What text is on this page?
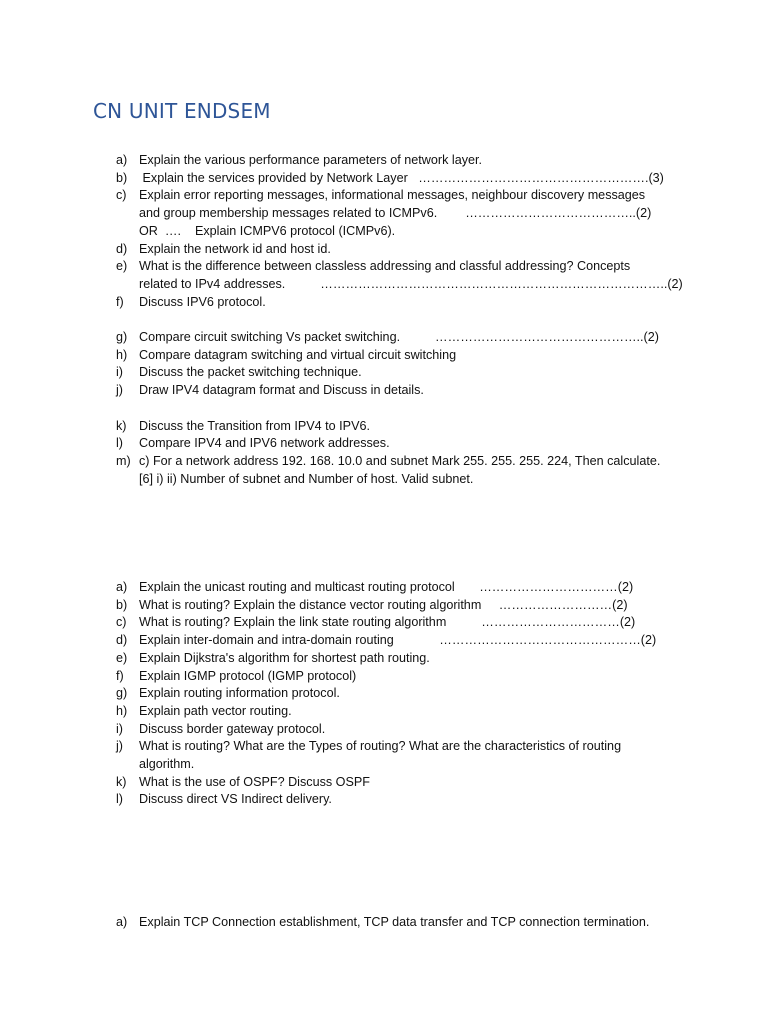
CN UNIT ENDSEM
a) Explain the various performance parameters of network layer.
b) Explain the services provided by Network Layer   ……………………………………………….(3)
c) Explain error reporting messages, informational messages, neighbour discovery messages
and group membership messages related to ICMPv6.        …………………………………..(2)
OR  ….    Explain ICMPV6 protocol (ICMPv6).
d) Explain the network id and host id.
e) What is the difference between classless addressing and classful addressing? Concepts
related to IPv4 addresses.          ………………………………………………………………………..(2)
f)	Discuss IPV6 protocol.
g) Compare circuit switching Vs packet switching.          …………………………………………..(2)
h) Compare datagram switching and virtual circuit switching
i)	Discuss the packet switching technique.
j)	Draw IPV4 datagram format and Discuss in details.
k) Discuss the Transition from IPV4 to IPV6.
l)	Compare IPV4 and IPV6 network addresses.
m) c) For a network address 192. 168. 10.0 and subnet Mark 255. 255. 255. 224, Then calculate.
[6] i) ii) Number of subnet and Number of host. Valid subnet.
a) Explain the unicast routing and multicast routing protocol       ……………………………(2)
b) What is routing? Explain the distance vector routing algorithm     ………………………(2)
c) What is routing? Explain the link state routing algorithm          ……………………………(2)
d) Explain inter-domain and intra-domain routing             …………………………………………(2)
e) Explain Dijkstra's algorithm for shortest path routing.
f)	Explain IGMP protocol (IGMP protocol)
g) Explain routing information protocol.
h) Explain path vector routing.
i)	Discuss border gateway protocol.
j)	What is routing? What are the Types of routing? What are the characteristics of routing
algorithm.
k) What is the use of OSPF? Discuss OSPF
l)	Discuss direct VS Indirect delivery.
a) Explain TCP Connection establishment, TCP data transfer and TCP connection termination.
